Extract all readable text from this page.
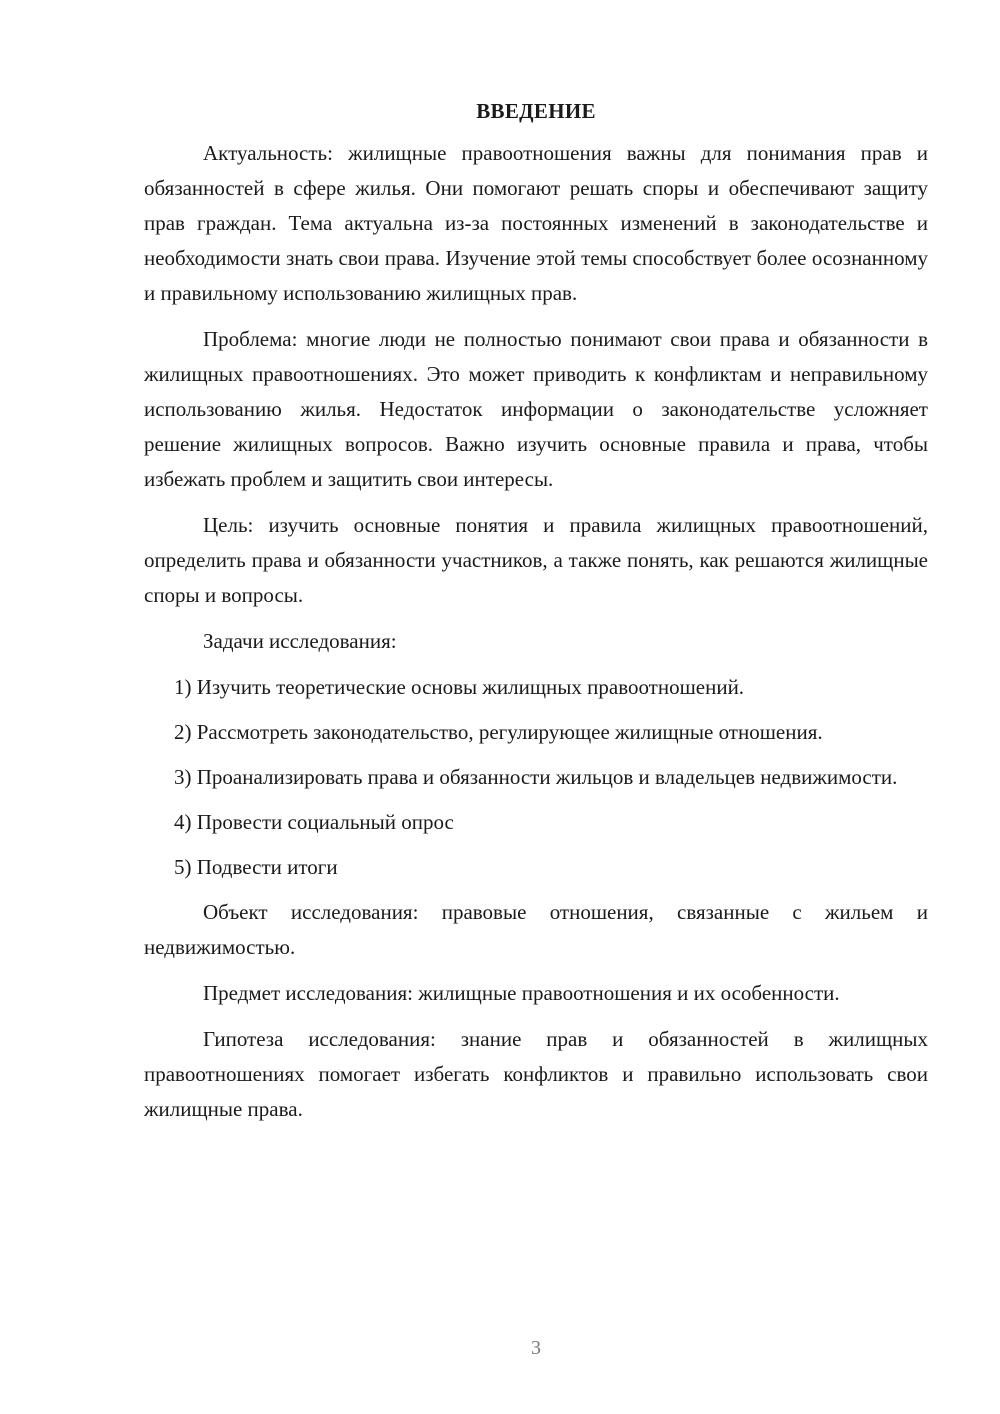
ВВЕДЕНИЕ

Актуальность: жилищные правоотношения важны для понимания прав и обязанностей в сфере жилья. Они помогают решать споры и обеспечивают защиту прав граждан. Тема актуальна из-за постоянных изменений в законодательстве и необходимости знать свои права. Изучение этой темы способствует более осознанному и правильному использованию жилищных прав.

Проблема: многие люди не полностью понимают свои права и обязанности в жилищных правоотношениях. Это может приводить к конфликтам и неправильному использованию жилья. Недостаток информации о законодательстве усложняет решение жилищных вопросов. Важно изучить основные правила и права, чтобы избежать проблем и защитить свои интересы.

Цель: изучить основные понятия и правила жилищных правоотношений, определить права и обязанности участников, а также понять, как решаются жилищные споры и вопросы.

Задачи исследования:

1) Изучить теоретические основы жилищных правоотношений.

2) Рассмотреть законодательство, регулирующее жилищные отношения.

3) Проанализировать права и обязанности жильцов и владельцев недвижимости.

4) Провести социальный опрос

5) Подвести итоги

Объект исследования: правовые отношения, связанные с жильем и недвижимостью.

Предмет исследования: жилищные правоотношения и их особенности.

Гипотеза исследования: знание прав и обязанностей в жилищных правоотношениях помогает избегать конфликтов и правильно использовать свои жилищные права.

3
